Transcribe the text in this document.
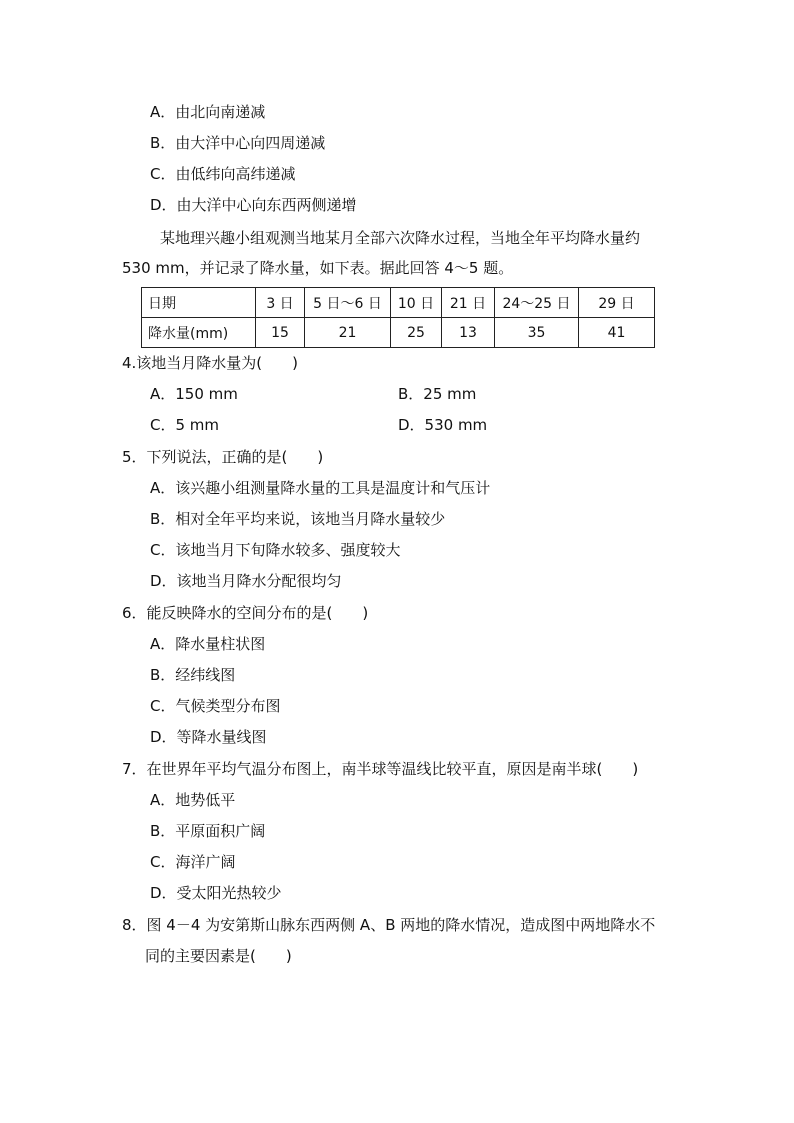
A．由北向南递减
B．由大洋中心向四周递减
C．由低纬向高纬递减
D．由大洋中心向东西两侧递增
某地理兴趣小组观测当地某月全部六次降水过程，当地全年平均降水量约
530 mm，并记录了降水量，如下表。据此回答 4～5 题。
日期	3 日	5 日～6 日	10 日	21 日	24～25 日	29 日
降水量(mm)	15	21	25	13	35	41
4.该地当月降水量为(　　)
A．150 mm	B．25 mm
C．5 mm	D．530 mm
5．下列说法，正确的是(　　)
A．该兴趣小组测量降水量的工具是温度计和气压计
B．相对全年平均来说，该地当月降水量较少
C．该地当月下旬降水较多、强度较大
D．该地当月降水分配很均匀
6．能反映降水的空间分布的是(　　)
A．降水量柱状图
B．经纬线图
C．气候类型分布图
D．等降水量线图
7．在世界年平均气温分布图上，南半球等温线比较平直，原因是南半球(　　)
A．地势低平
B．平原面积广阔
C．海洋广阔
D．受太阳光热较少
8．图 4－4 为安第斯山脉东西两侧 A、B 两地的降水情况，造成图中两地降水不
同的主要因素是(　　)
